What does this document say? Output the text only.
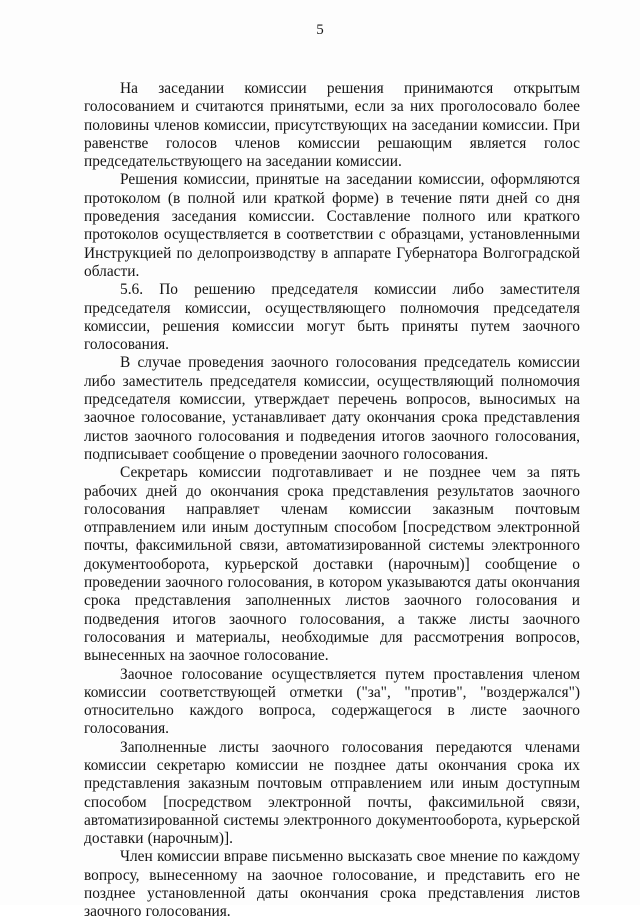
5

На заседании комиссии решения принимаются открытым голосованием и считаются принятыми, если за них проголосовало более половины членов комиссии, присутствующих на заседании комиссии. При равенстве голосов членов комиссии решающим является голос председательствующего на заседании комиссии.

Решения комиссии, принятые на заседании комиссии, оформляются протоколом (в полной или краткой форме) в течение пяти дней со дня проведения заседания комиссии. Составление полного или краткого протоколов осуществляется в соответствии с образцами, установленными Инструкцией по делопроизводству в аппарате Губернатора Волгоградской области.

5.6. По решению председателя комиссии либо заместителя председателя комиссии, осуществляющего полномочия председателя комиссии, решения комиссии могут быть приняты путем заочного голосования.

В случае проведения заочного голосования председатель комиссии либо заместитель председателя комиссии, осуществляющий полномочия председателя комиссии, утверждает перечень вопросов, выносимых на заочное голосование, устанавливает дату окончания срока представления листов заочного голосования и подведения итогов заочного голосования, подписывает сообщение о проведении заочного голосования.

Секретарь комиссии подготавливает и не позднее чем за пять рабочих дней до окончания срока представления результатов заочного голосования направляет членам комиссии заказным почтовым отправлением или иным доступным способом [посредством электронной почты, факсимильной связи, автоматизированной системы электронного документооборота, курьерской доставки (нарочным)] сообщение о проведении заочного голосования, в котором указываются даты окончания срока представления заполненных листов заочного голосования и подведения итогов заочного голосования, а также листы заочного голосования и материалы, необходимые для рассмотрения вопросов, вынесенных на заочное голосование.

Заочное голосование осуществляется путем проставления членом комиссии соответствующей отметки ("за", "против", "воздержался") относительно каждого вопроса, содержащегося в листе заочного голосования.

Заполненные листы заочного голосования передаются членами комиссии секретарю комиссии не позднее даты окончания срока их представления заказным почтовым отправлением или иным доступным способом [посредством электронной почты, факсимильной связи, автоматизированной системы электронного документооборота, курьерской доставки (нарочным)].

Член комиссии вправе письменно высказать свое мнение по каждому вопросу, вынесенному на заочное голосование, и представить его не позднее установленной даты окончания срока представления листов заочного голосования.
